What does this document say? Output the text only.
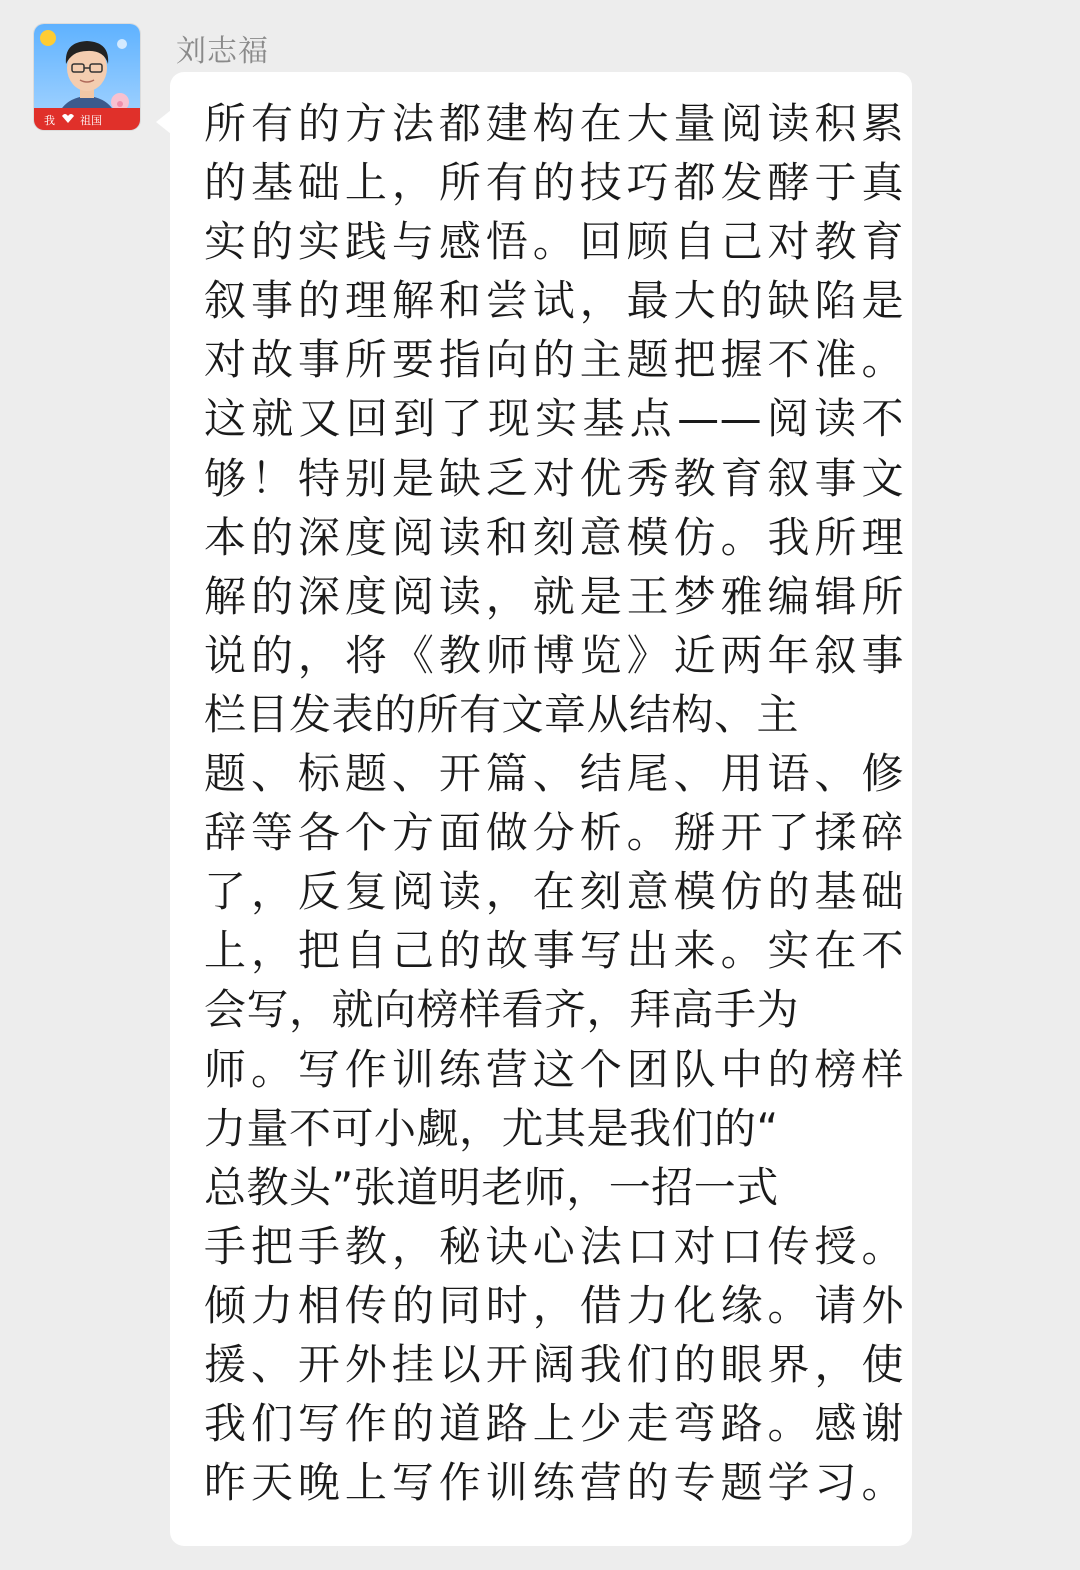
我 祖国
刘志福
所有的方法都建构在大量阅读积累
的基础上，所有的技巧都发酵于真
实的实践与感悟。回顾自己对教育
叙事的理解和尝试，最大的缺陷是
对故事所要指向的主题把握不准。
这就又回到了现实基点——阅读不
够！特别是缺乏对优秀教育叙事文
本的深度阅读和刻意模仿。我所理
解的深度阅读，就是王梦雅编辑所
说的，将《教师博览》近两年叙事
栏目发表的所有文章从结构、主
题、标题、开篇、结尾、用语、修
辞等各个方面做分析。掰开了揉碎
了，反复阅读，在刻意模仿的基础
上，把自己的故事写出来。实在不
会写，就向榜样看齐，拜高手为
师。写作训练营这个团队中的榜样
力量不可小觑，尤其是我们的“
总教头”张道明老师，一招一式
手把手教，秘诀心法口对口传授。
倾力相传的同时，借力化缘。请外
援、开外挂以开阔我们的眼界，使
我们写作的道路上少走弯路。感谢
昨天晚上写作训练营的专题学习。
